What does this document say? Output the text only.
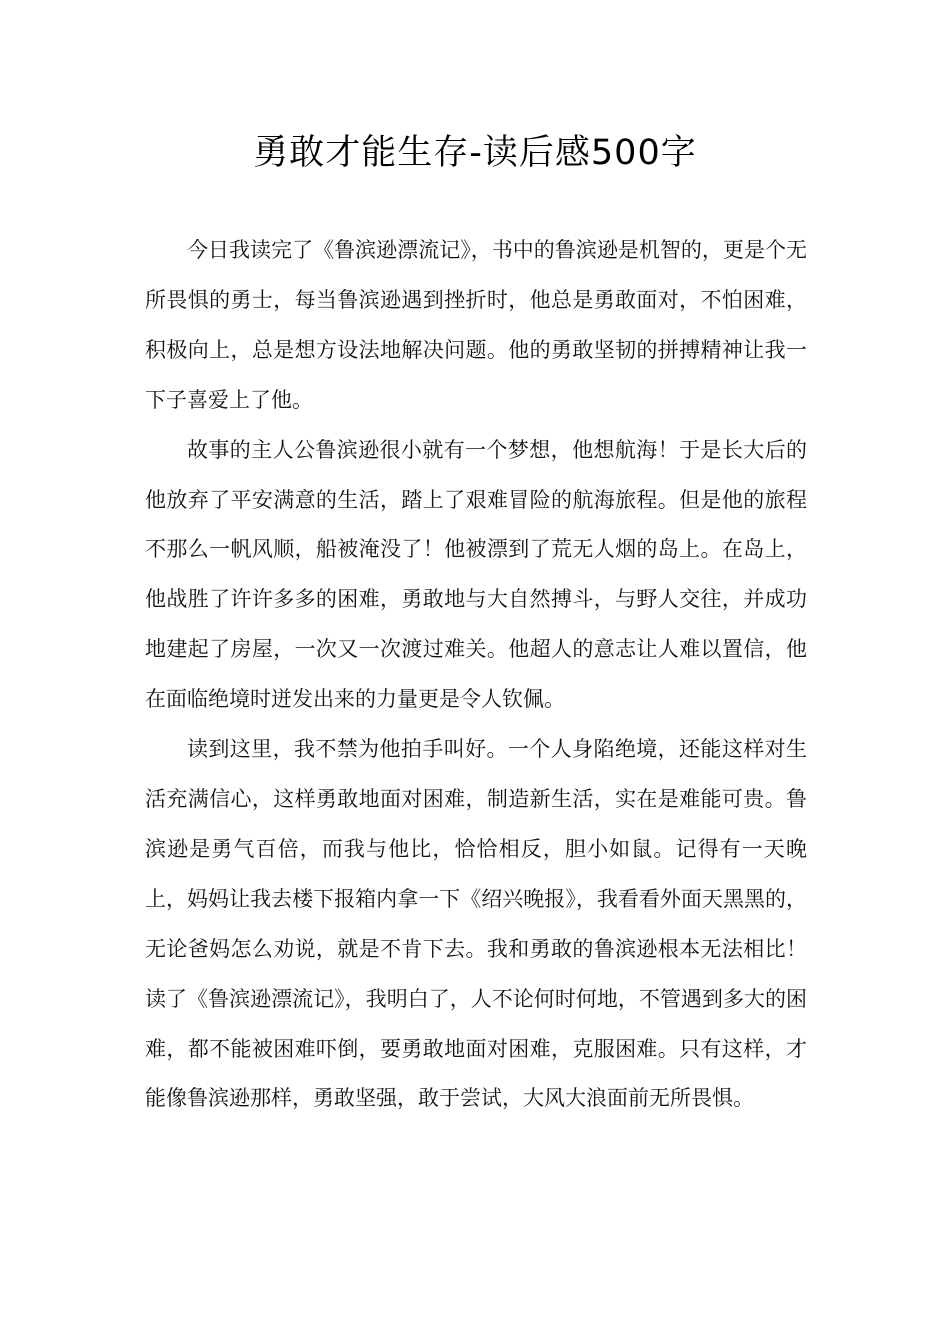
勇敢才能生存-读后感500字

今日我读完了《鲁滨逊漂流记》，书中的鲁滨逊是机智的，更是个无所畏惧的勇士，每当鲁滨逊遇到挫折时，他总是勇敢面对，不怕困难，积极向上，总是想方设法地解决问题。他的勇敢坚韧的拼搏精神让我一下子喜爱上了他。

故事的主人公鲁滨逊很小就有一个梦想，他想航海！于是长大后的他放弃了平安满意的生活，踏上了艰难冒险的航海旅程。但是他的旅程不那么一帆风顺，船被淹没了！他被漂到了荒无人烟的岛上。在岛上，他战胜了许许多多的困难，勇敢地与大自然搏斗，与野人交往，并成功地建起了房屋，一次又一次渡过难关。他超人的意志让人难以置信，他在面临绝境时迸发出来的力量更是令人钦佩。

读到这里，我不禁为他拍手叫好。一个人身陷绝境，还能这样对生活充满信心，这样勇敢地面对困难，制造新生活，实在是难能可贵。鲁滨逊是勇气百倍，而我与他比，恰恰相反，胆小如鼠。记得有一天晚上，妈妈让我去楼下报箱内拿一下《绍兴晚报》，我看看外面天黑黑的，无论爸妈怎么劝说，就是不肯下去。我和勇敢的鲁滨逊根本无法相比！读了《鲁滨逊漂流记》，我明白了，人不论何时何地，不管遇到多大的困难，都不能被困难吓倒，要勇敢地面对困难，克服困难。只有这样，才能像鲁滨逊那样，勇敢坚强，敢于尝试，大风大浪面前无所畏惧。
